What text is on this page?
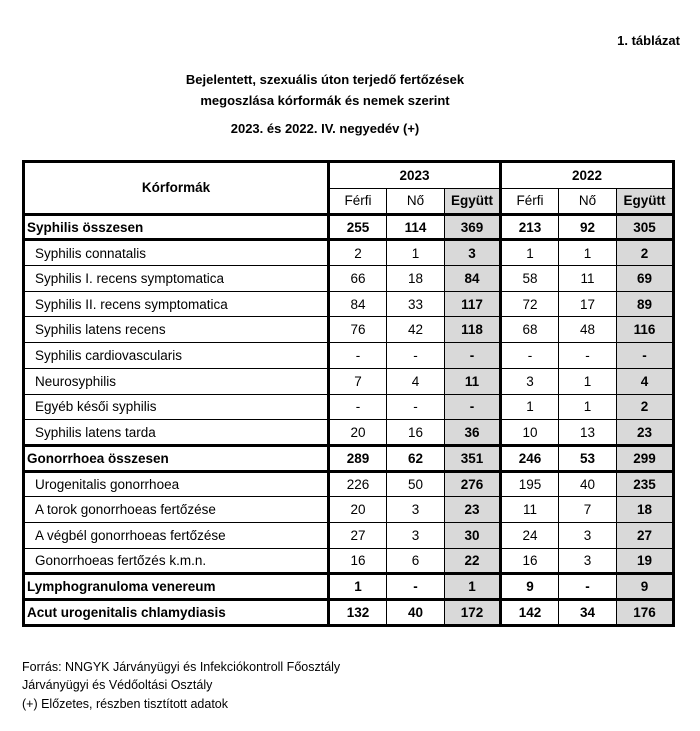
1. táblázat
Bejelentett, szexuális úton terjedő fertőzések
megoszlása kórformák és nemek szerint
2023. és 2022. IV. negyedév (+)
Kórformák	2023			2022		
	Férfi	Nő	Együtt	Férfi	Nő	Együtt
Syphilis összesen	255	114	369	213	92	305
Syphilis connatalis	2	1	3	1	1	2
Syphilis I. recens symptomatica	66	18	84	58	11	69
Syphilis II. recens symptomatica	84	33	117	72	17	89
Syphilis latens recens	76	42	118	68	48	116
Syphilis cardiovascularis	-	-	-	-	-	-
Neurosyphilis	7	4	11	3	1	4
Egyéb késői syphilis	-	-	-	1	1	2
Syphilis latens tarda	20	16	36	10	13	23
Gonorrhoea összesen	289	62	351	246	53	299
Urogenitalis gonorrhoea	226	50	276	195	40	235
A torok gonorrhoeas fertőzése	20	3	23	11	7	18
A végbél gonorrhoeas fertőzése	27	3	30	24	3	27
Gonorrhoeas fertőzés k.m.n.	16	6	22	16	3	19
Lymphogranuloma venereum	1	-	1	9	-	9
Acut urogenitalis chlamydiasis	132	40	172	142	34	176
Forrás: NNGYK Járványügyi és Infekciókontroll Főosztály
Járványügyi és Védőoltási Osztály
(+) Előzetes, részben tisztított adatok
